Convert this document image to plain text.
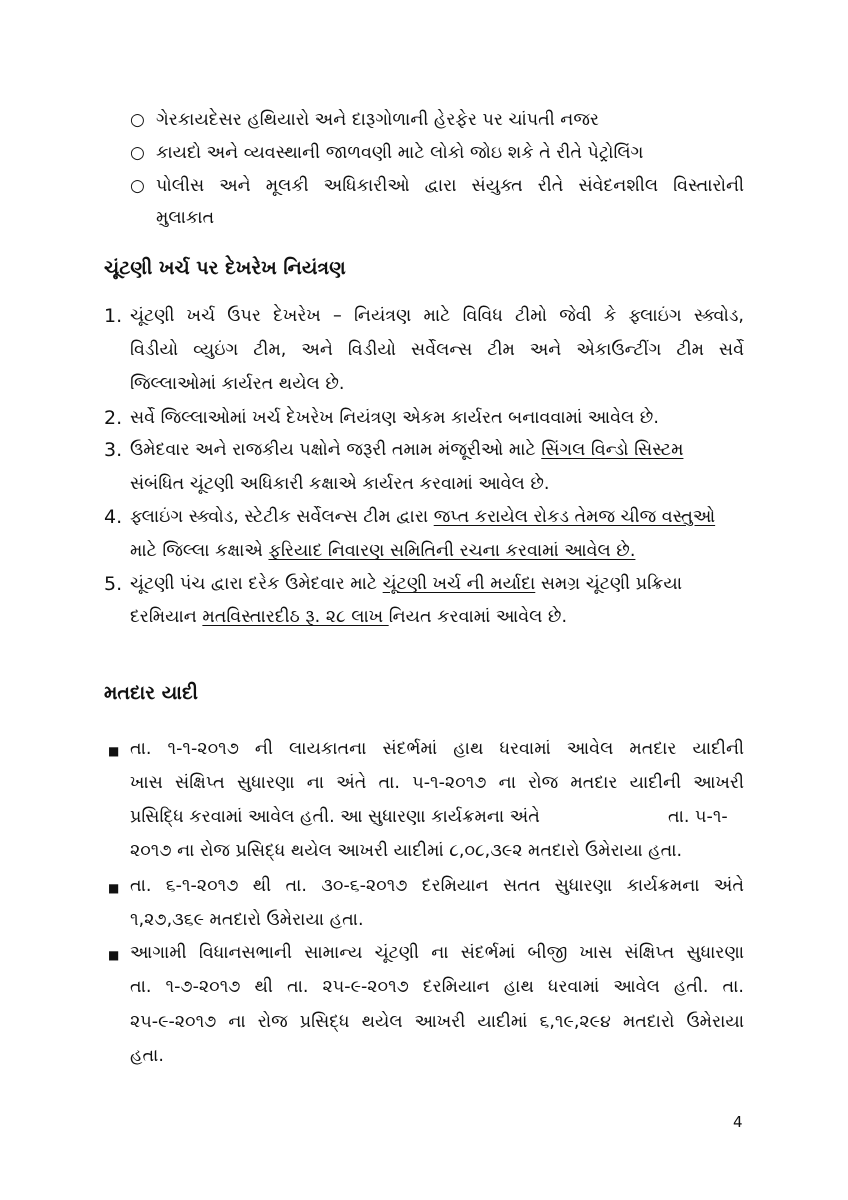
○ ગેરકાયદેસર હથિયારો અને દારૂગોળાની હેરફેર પર ચાંપતી નજર
○ કાયદો અને વ્યવસ્થાની જાળવણી માટે લોકો જોઇ શકે તે રીતે પેટ્રોલિંગ
○ પોલીસ અને મૂલકી અધિકારીઓ દ્વારા સંયુક્ત રીતે સંવેદનશીલ વિસ્તારોની
મુલાકાત
ચૂંટણી ખર્ચ પર દેખરેખ નિયંત્રણ
1. ચૂંટણી ખર્ચ ઉપર દેખરેખ – નિયંત્રણ માટે વિવિધ ટીમો જેવી કે ફ્લાઇંગ સ્ક્વોડ,
વિડીયો વ્યુઇંગ ટીમ, અને વિડીયો સર્વેલન્સ ટીમ અને એકાઉન્ટીંગ ટીમ સર્વે
જિલ્લાઓમાં કાર્યરત થયેલ છે.
2. સર્વે જિલ્લાઓમાં ખર્ચ દેખરેખ નિયંત્રણ એકમ કાર્યરત બનાવવામાં આવેલ છે.
3. ઉમેદવાર અને રાજકીય પક્ષોને જરૂરી તમામ મંજૂરીઓ માટે સિંગલ વિન્ડો સિસ્ટમ
સંબંધિત ચૂંટણી અધિકારી કક્ષાએ કાર્યરત કરવામાં આવેલ છે.
4. ફ્લાઇંગ સ્ક્વોડ, સ્ટેટીક સર્વેલન્સ ટીમ દ્વારા જપ્ત કરાયેલ રોકડ તેમજ ચીજ વસ્તુઓ
માટે જિલ્લા કક્ષાએ ફરિયાદ નિવારણ સમિતિની રચના કરવામાં આવેલ છે.
5. ચૂંટણી પંચ દ્વારા દરેક ઉમેદવાર માટે ચૂંટણી ખર્ચ ની મર્યાદા સમગ્ર ચૂંટણી પ્રક્રિયા
દરમિયાન મતવિસ્તારદીઠ રૂ. ૨૮ લાખ નિયત કરવામાં આવેલ છે.
મતદાર યાદી
■ તા. ૧-૧-૨૦૧૭ ની લાયકાતના સંદર્ભમાં હાથ ધરવામાં આવેલ મતદાર યાદીની
ખાસ સંક્ષિપ્ત સુધારણા ના અંતે તા. ૫-૧-૨૦૧૭ ના રોજ મતદાર યાદીની આખરી
પ્રસિદ્ધિ કરવામાં આવેલ હતી. આ સુધારણા કાર્યક્રમના અંતે	તા. ૫-૧-
૨૦૧૭ ના રોજ પ્રસિદ્ધ થયેલ આખરી યાદીમાં ૮,૦૮,૩૯૨ મતદારો ઉમેરાયા હતા.
■ તા. ૬-૧-૨૦૧૭ થી તા. ૩૦-૬-૨૦૧૭ દરમિયાન સતત સુધારણા કાર્યક્રમના અંતે
૧,૨૭,૩૬૯ મતદારો ઉમેરાયા હતા.
■ આગામી વિધાનસભાની સામાન્ય ચૂંટણી ના સંદર્ભમાં બીજી ખાસ સંક્ષિપ્ત સુધારણા
તા. ૧-૭-૨૦૧૭ થી તા. ૨૫-૯-૨૦૧૭ દરમિયાન હાથ ધરવામાં આવેલ હતી. તા.
૨૫-૯-૨૦૧૭ ના રોજ પ્રસિદ્ધ થયેલ આખરી યાદીમાં ૬,૧૯,૨૯૪ મતદારો ઉમેરાયા
હતા.
4
